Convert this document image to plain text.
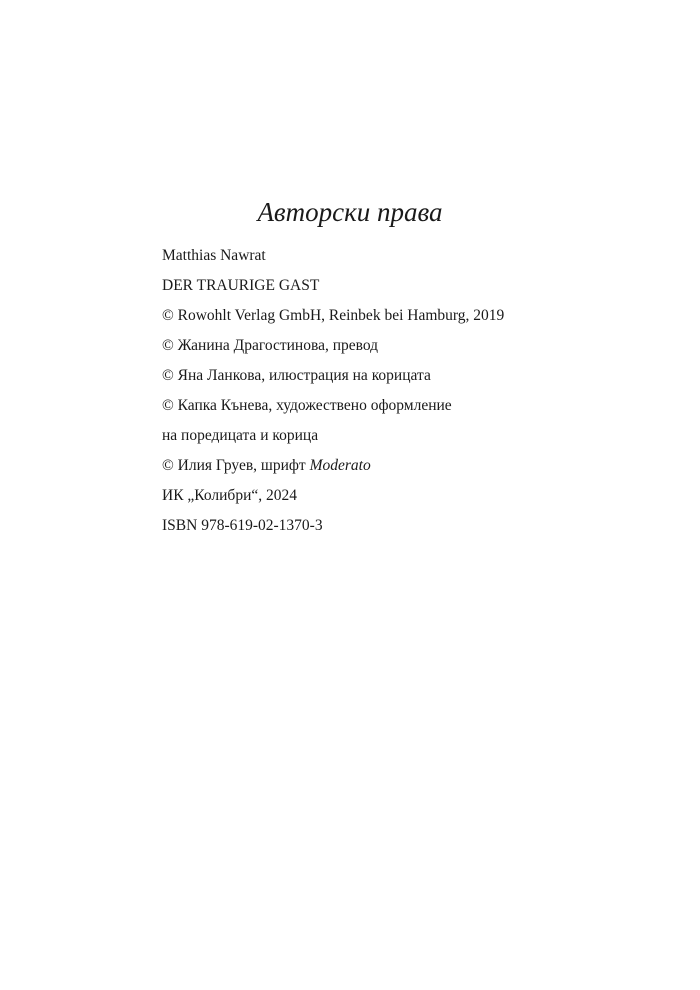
Авторски права
Matthias Nawrat
DER TRAURIGE GAST
© Rowohlt Verlag GmbH, Reinbek bei Hamburg, 2019
© Жанина Драгостинова, превод
© Яна Ланкова, илюстрация на корицата
© Капка Кънева, художествено оформление
на поредицата и корица
© Илия Груев, шрифт Moderato
ИК „Колибри“, 2024
ISBN 978-619-02-1370-3
